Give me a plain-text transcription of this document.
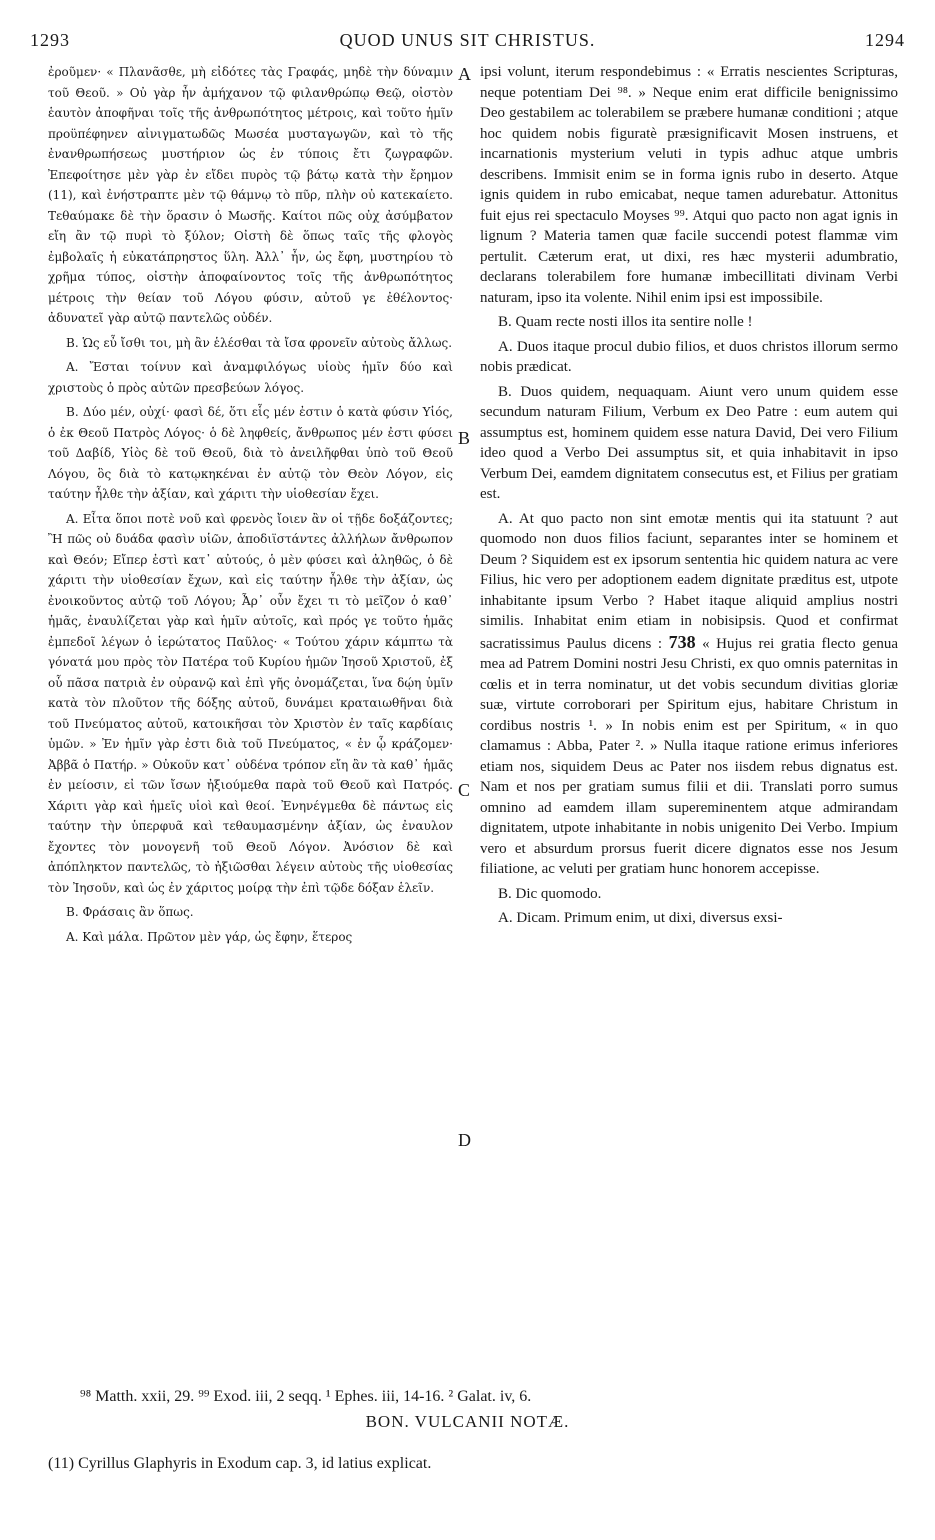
1293	QUOD UNUS SIT CHRISTUS.	1294

ἐροῦμεν· « Πλανᾶσθε, μὴ εἰδότες τὰς Γραφάς, μηδὲ τὴν δύναμιν τοῦ Θεοῦ. » Οὐ γὰρ ἦν ἀμήχανον τῷ φιλανθρώπῳ Θεῷ, οἰστὸν ἑαυτὸν ἀποφῆναι τοῖς τῆς ἀνθρωπότητος μέτροις, καὶ τοῦτο ἡμῖν προϋπέφηνεν αἰνιγματωδῶς Μωσέα μυσταγωγῶν, καὶ τὸ τῆς ἐνανθρωπήσεως μυστήριον ὡς ἐν τύποις ἔτι ζωγραφῶν. Ἐπεφοίτησε μὲν γὰρ ἐν εἴδει πυρὸς τῷ βάτῳ κατὰ τὴν ἔρημον (11), καὶ ἐνήστραπτε μὲν τῷ θάμνῳ τὸ πῦρ, πλὴν οὐ κατεκαίετο. Τεθαύμακε δὲ τὴν ὅρασιν ὁ Μωσῆς. Καίτοι πῶς οὐχ ἀσύμβατον εἴη ἂν τῷ πυρὶ τὸ ξύλον; Οἰστὴ δὲ ὅπως ταῖς τῆς φλογὸς ἐμβολαῖς ἡ εὐκατάπρηστος ὕλη. Ἀλλ᾽ ἦν, ὡς ἔφη, μυστηρίου τὸ χρῆμα τύπος, οἰστὴν ἀποφαίνοντος τοῖς τῆς ἀνθρωπότητος μέτροις τὴν θείαν τοῦ Λόγου φύσιν, αὐτοῦ γε ἐθέλοντος· ἀδυνατεῖ γὰρ αὐτῷ παντελῶς οὐδέν.

Β. Ὡς εὖ ἴσθι τοι, μὴ ἂν ἑλέσθαι τὰ ἴσα φρονεῖν αὐτοὺς ἄλλως.

Α. Ἔσται τοίνυν καὶ ἀναμφιλόγως υἱοὺς ἡμῖν δύο καὶ χριστοὺς ὁ πρὸς αὐτῶν πρεσβεύων λόγος.

Β. Δύο μέν, οὐχί· φασὶ δέ, ὅτι εἷς μέν ἐστιν ὁ κατὰ φύσιν Υἱός, ὁ ἐκ Θεοῦ Πατρὸς Λόγος· ὁ δὲ ληφθείς, ἄνθρωπος μέν ἐστι φύσει τοῦ Δαβίδ, Υἱὸς δὲ τοῦ Θεοῦ, διὰ τὸ ἀνειλῆφθαι ὑπὸ τοῦ Θεοῦ Λόγου, ὃς διὰ τὸ κατῳκηκέναι ἐν αὐτῷ τὸν Θεὸν Λόγον, εἰς ταύτην ἦλθε τὴν ἀξίαν, καὶ χάριτι τὴν υἱοθεσίαν ἔχει.

Α. Εἶτα ὅποι ποτὲ νοῦ καὶ φρενὸς ἴοιεν ἂν οἱ τῇδε δοξάζοντες; Ἢ πῶς οὐ δυάδα φασὶν υἱῶν, ἀποδιϊστάντες ἀλλήλων ἄνθρωπον καὶ Θεόν; Εἴπερ ἐστὶ κατ᾽ αὐτούς, ὁ μὲν φύσει καὶ ἀληθῶς, ὁ δὲ χάριτι τὴν υἱοθεσίαν ἔχων, καὶ εἰς ταύτην ἦλθε τὴν ἀξίαν, ὡς ἐνοικοῦντος αὐτῷ τοῦ Λόγου; Ἆρ᾽ οὖν ἔχει τι τὸ μεῖζον ὁ καθ᾽ ἡμᾶς, ἐναυλίζεται γὰρ καὶ ἡμῖν αὐτοῖς, καὶ πρός γε τοῦτο ἡμᾶς ἐμπεδοῖ λέγων ὁ ἱερώτατος Παῦλος· « Τούτου χάριν κάμπτω τὰ γόνατά μου πρὸς τὸν Πατέρα τοῦ Κυρίου ἡμῶν Ἰησοῦ Χριστοῦ, ἐξ οὗ πᾶσα πατριὰ ἐν οὐρανῷ καὶ ἐπὶ γῆς ὀνομάζεται, ἵνα δῴη ὑμῖν κατὰ τὸν πλοῦτον τῆς δόξης αὐτοῦ, δυνάμει κραταιωθῆναι διὰ τοῦ Πνεύματος αὐτοῦ, κατοικῆσαι τὸν Χριστὸν ἐν ταῖς καρδίαις ὑμῶν. » Ἐν ἡμῖν γὰρ ἐστι διὰ τοῦ Πνεύματος, « ἐν ᾧ κράζομεν· Ἀββᾶ ὁ Πατήρ. » Οὐκοῦν κατ᾽ οὐδένα τρόπον εἴη ἂν τὰ καθ᾽ ἡμᾶς ἐν μείοσιν, εἰ τῶν ἴσων ἠξιούμεθα παρὰ τοῦ Θεοῦ καὶ Πατρός. Χάριτι γὰρ καὶ ἡμεῖς υἱοὶ καὶ θεοί. Ἐνηνέγμεθα δὲ πάντως εἰς ταύτην τὴν ὑπερφυᾶ καὶ τεθαυμασμένην ἀξίαν, ὡς ἐναυλον ἔχοντες τὸν μονογενῆ τοῦ Θεοῦ Λόγον. Ἀνόσιον δὲ καὶ ἀπόπληκτον παντελῶς, τὸ ἠξιῶσθαι λέγειν αὐτοὺς τῆς υἱοθεσίας τὸν Ἰησοῦν, καὶ ὡς ἐν χάριτος μοίρᾳ τὴν ἐπὶ τῷδε δόξαν ἑλεῖν.

Β. Φράσαις ἂν ὅπως.

Α. Καὶ μάλα. Πρῶτον μὲν γάρ, ὡς ἔφην, ἕτερος

A
B
C
D

ipsi volunt, iterum respondebimus : « Erratis nescientes Scripturas, neque potentiam Dei ⁹⁸. » Neque enim erat difficile benignissimo Deo gestabilem ac tolerabilem se præbere humanæ conditioni ; atque hoc quidem nobis figuratè præsignificavit Mosen instruens, et incarnationis mysterium veluti in typis adhuc atque umbris describens. Immisit enim se in forma ignis rubo in deserto. Atque ignis quidem in rubo emicabat, neque tamen adurebatur. Attonitus fuit ejus rei spectaculo Moyses ⁹⁹. Atqui quo pacto non agat ignis in lignum ? Materia tamen quæ facile succendi potest flammæ vim pertulit. Cæterum erat, ut dixi, res hæc mysterii adumbratio, declarans tolerabilem fore humanæ imbecillitati divinam Verbi naturam, ipso ita volente. Nihil enim ipsi est impossibile.

B. Quam recte nosti illos ita sentire nolle !

A. Duos itaque procul dubio filios, et duos christos illorum sermo nobis prædicat.

B. Duos quidem, nequaquam. Aiunt vero unum quidem esse secundum naturam Filium, Verbum ex Deo Patre : eum autem qui assumptus est, hominem quidem esse natura David, Dei vero Filium ideo quod a Verbo Dei assumptus sit, et quia inhabitavit in ipso Verbum Dei, eamdem dignitatem consecutus est, et Filius per gratiam est.

A. At quo pacto non sint emotæ mentis qui ita statuunt ? aut quomodo non duos filios faciunt, separantes inter se hominem et Deum ? Siquidem est ex ipsorum sententia hic quidem natura ac vere Filius, hic vero per adoptionem eadem dignitate præditus est, utpote inhabitante ipsum Verbo ? Habet itaque aliquid amplius nostri similis. Inhabitat enim etiam in nobisipsis. Quod et confirmat sacratissimus Paulus dicens : 738 « Hujus rei gratia flecto genua mea ad Patrem Domini nostri Jesu Christi, ex quo omnis paternitas in cœlis et in terra nominatur, ut det vobis secundum divitias gloriæ suæ, virtute corroborari per Spiritum ejus, habitare Christum in cordibus nostris ¹. » In nobis enim est per Spiritum, « in quo clamamus : Abba, Pater ². » Nulla itaque ratione erimus inferiores etiam nos, siquidem Deus ac Pater nos iisdem rebus dignatus est. Nam et nos per gratiam sumus filii et dii. Translati porro sumus omnino ad eamdem illam supereminentem atque admirandam dignitatem, utpote inhabitante in nobis unigenito Dei Verbo. Impium vero et absurdum prorsus fuerit dicere dignatos esse nos Jesum filiatione, ac veluti per gratiam hunc honorem accepisse.

B. Dic quomodo.

A. Dicam. Primum enim, ut dixi, diversus exsi-

⁹⁸ Matth. xxii, 29. ⁹⁹ Exod. iii, 2 seqq. ¹ Ephes. iii, 14-16. ² Galat. iv, 6.
BON. VULCANII NOTÆ.
(11) Cyrillus Glaphyris in Exodum cap. 3, id latius explicat.
